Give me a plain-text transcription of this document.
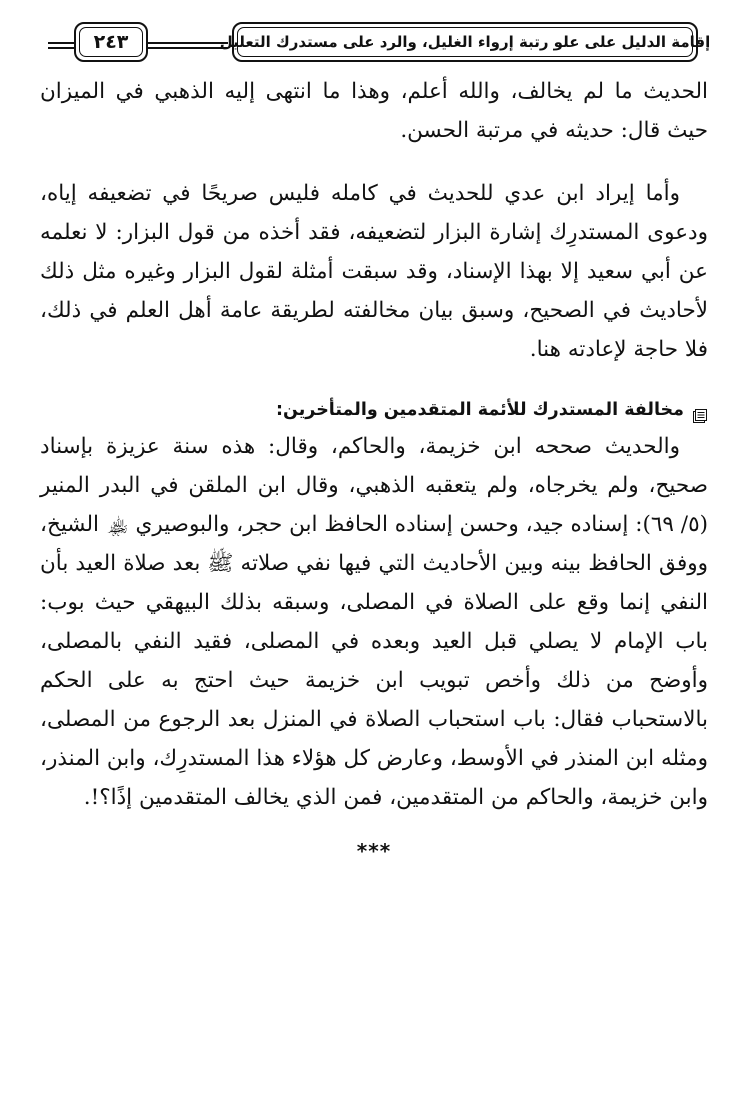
إقامة الدليل على علو رتبة إرواء الغليل، والرد على مستدرك التعليل
٢٤٣

الحديث ما لم يخالف، والله أعلم، وهذا ما انتهى إليه الذهبي في الميزان حيث قال: حديثه في مرتبة الحسن.

وأما إيراد ابن عدي للحديث في كامله فليس صريحًا في تضعيفه إياه، ودعوى المستدرِك إشارة البزار لتضعيفه، فقد أخذه من قول البزار: لا نعلمه عن أبي سعيد إلا بهذا الإسناد، وقد سبقت أمثلة لقول البزار وغيره مثل ذلك لأحاديث في الصحيح، وسبق بيان مخالفته لطريقة عامة أهل العلم في ذلك، فلا حاجة لإعادته هنا.

مخالفة المستدرك للأئمة المتقدمين والمتأخرين:

والحديث صححه ابن خزيمة، والحاكم، وقال: هذه سنة عزيزة بإسناد صحيح، ولم يخرجاه، ولم يتعقبه الذهبي، وقال ابن الملقن في البدر المنير (٥/ ٦٩): إسناده جيد، وحسن إسناده الحافظ ابن حجر، والبوصيري ﵏ الشيخ، ووفق الحافظ بينه وبين الأحاديث التي فيها نفي صلاته ﷺ بعد صلاة العيد بأن النفي إنما وقع على الصلاة في المصلى، وسبقه بذلك البيهقي حيث بوب: باب الإمام لا يصلي قبل العيد وبعده في المصلى، فقيد النفي بالمصلى، وأوضح من ذلك وأخص تبويب ابن خزيمة حيث احتج به على الحكم بالاستحباب فقال: باب استحباب الصلاة في المنزل بعد الرجوع من المصلى، ومثله ابن المنذر في الأوسط، وعارض كل هؤلاء هذا المستدرِك، وابن المنذر، وابن خزيمة، والحاكم من المتقدمين، فمن الذي يخالف المتقدمين إذًا؟!.

***
